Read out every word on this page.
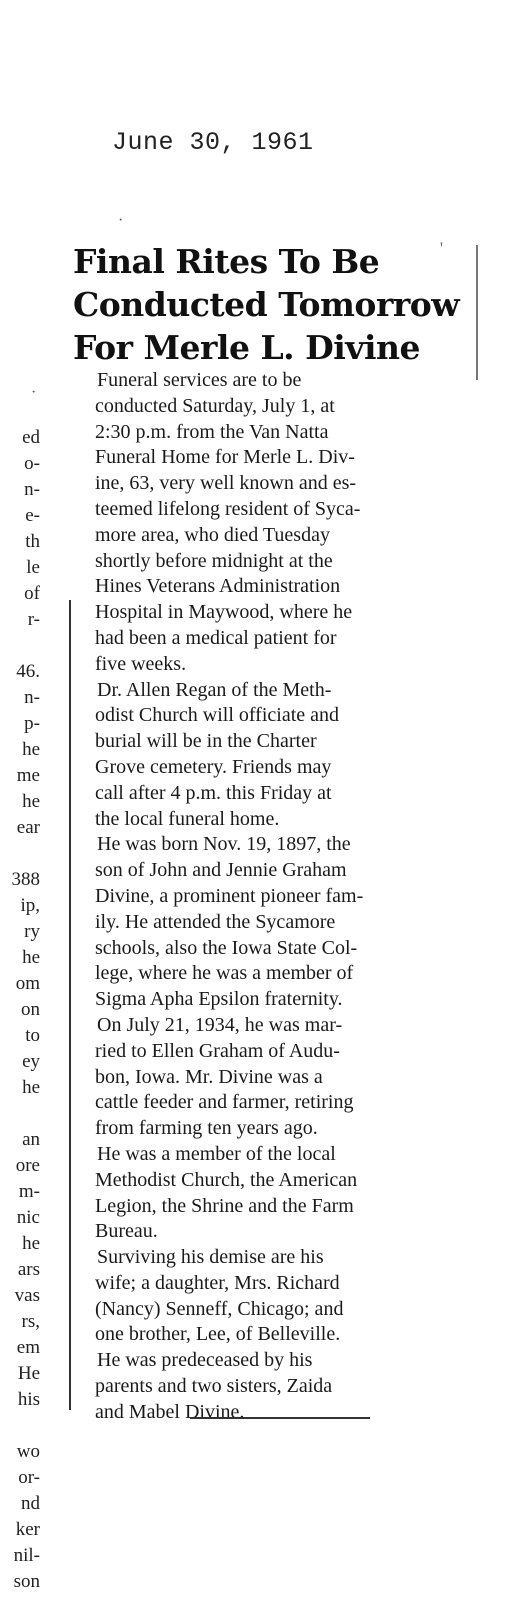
June 30, 1961
ed
o-
n-
e-
th
le
of
r-
46.
n-
p-
he
me
he
ear
388
ip,
ry
he
om
on
to
ey
he
an
ore
m-
nic
he
ars
vas
rs,
em
He
his
wo
or-
nd
ker
nil-
son
'
·
·
Final Rites To Be
Conducted Tomorrow
For Merle L. Divine

Funeral services are to be
conducted Saturday, July 1, at
2:30 p.m. from the Van Natta
Funeral Home for Merle L. Div-
ine, 63, very well known and es-
teemed lifelong resident of Syca-
more area, who died Tuesday
shortly before midnight at the
Hines Veterans Administration
Hospital in Maywood, where he
had been a medical patient for
five weeks.

Dr. Allen Regan of the Meth-
odist Church will officiate and
burial will be in the Charter
Grove cemetery. Friends may
call after 4 p.m. this Friday at
the local funeral home.

He was born Nov. 19, 1897, the
son of John and Jennie Graham
Divine, a prominent pioneer fam-
ily. He attended the Sycamore
schools, also the Iowa State Col-
lege, where he was a member of
Sigma Apha Epsilon fraternity.

On July 21, 1934, he was mar-
ried to Ellen Graham of Audu-
bon, Iowa. Mr. Divine was a
cattle feeder and farmer, retiring
from farming ten years ago.

He was a member of the local
Methodist Church, the American
Legion, the Shrine and the Farm
Bureau.

Surviving his demise are his
wife; a daughter, Mrs. Richard
(Nancy) Senneff, Chicago; and
one brother, Lee, of Belleville.

He was predeceased by his
parents and two sisters, Zaida
and Mabel Divine.
